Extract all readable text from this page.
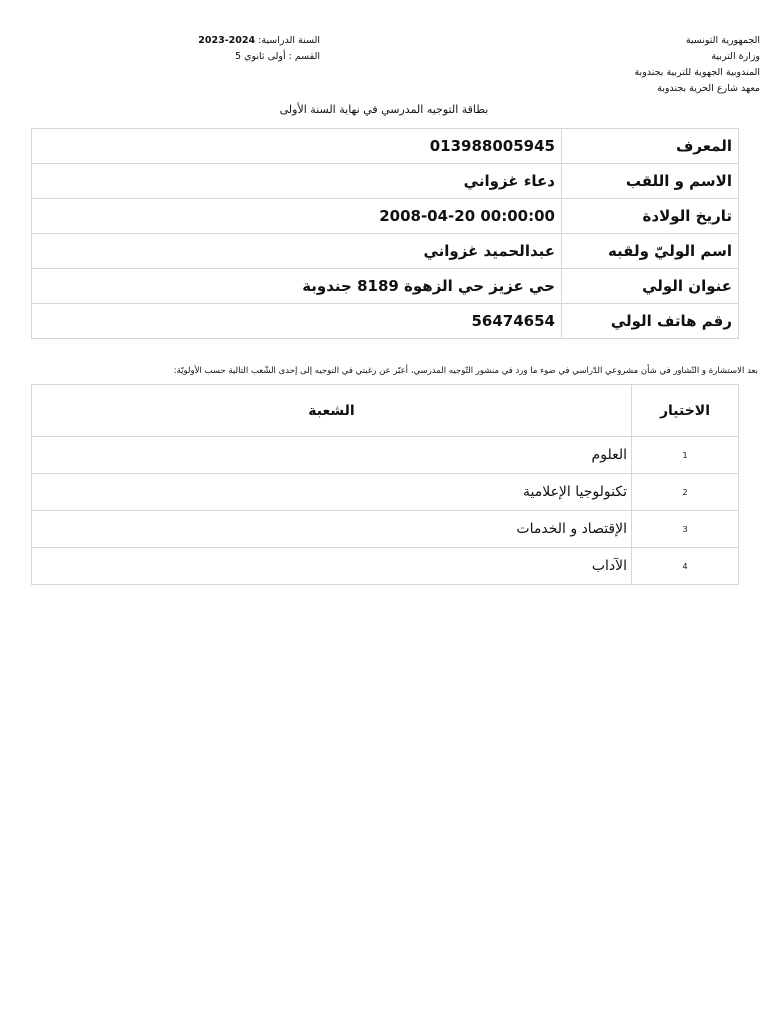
الجمهورية التونسية
وزارة التربية
المندوبية الجهوية للتربية بجندوبة
معهد شارع الحرية بجندوبة
السنة الدراسية: 2023-2024
القسم : أولى ثانوي 5
بطاقة التوجيه المدرسي في نهاية السنة الأولى
المعرف	013988005945
الاسم و اللقب	دعاء غزواني
تاريخ الولادة	2008-04-20 00:00:00
اسم الوليّ ولقبه	عبدالحميد غزواني
عنوان الولي	حي عزيز حي الزهوة 8189 جندوبة
رقم هاتف الولي	56474654
بعد الاستشارة و التّشاور في شأن مشروعي الدّراسي في ضوء ما ورد في منشور التّوجيه المدرسي، أعبّر عن رغبتي في التوجيه إلى إحدى الشّعب التالية حسب الأولويّة:
الاختيار	الشعبة
1	العلوم
2	تكنولوجيا الإعلامية
3	الإقتصاد و الخدمات
4	الآداب
